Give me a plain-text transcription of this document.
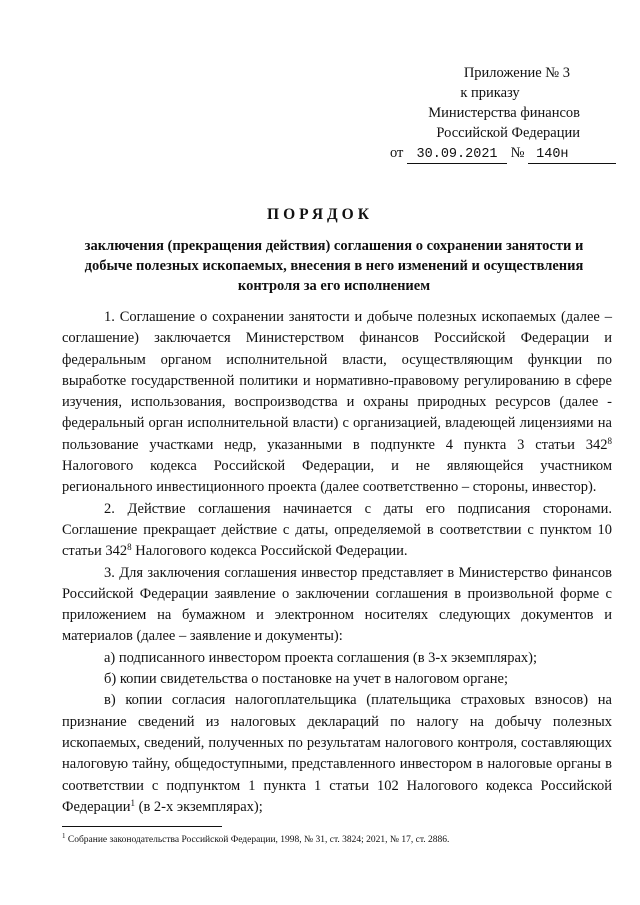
Приложение № 3
к приказу
Министерства финансов
Российской Федерации
от 30.09.2021 № 140н
ПОРЯДОК
заключения (прекращения действия) соглашения о сохранении занятости и добыче полезных ископаемых, внесения в него изменений и осуществления контроля за его исполнением

1. Соглашение о сохранении занятости и добыче полезных ископаемых (далее – соглашение) заключается Министерством финансов Российской Федерации и федеральным органом исполнительной власти, осуществляющим функции по выработке государственной политики и нормативно-правовому регулированию в сфере изучения, использования, воспроизводства и охраны природных ресурсов (далее - федеральный орган исполнительной власти) с организацией, владеющей лицензиями на пользование участками недр, указанными в подпункте 4 пункта 3 статьи $342^8$ Налогового кодекса Российской Федерации, и не являющейся участником регионального инвестиционного проекта (далее соответственно – стороны, инвестор).

2. Действие соглашения начинается с даты его подписания сторонами. Соглашение прекращает действие с даты, определяемой в соответствии с пунктом 10 статьи $342^8$ Налогового кодекса Российской Федерации.

3. Для заключения соглашения инвестор представляет в Министерство финансов Российской Федерации заявление о заключении соглашения в произвольной форме с приложением на бумажном и электронном носителях следующих документов и материалов (далее – заявление и документы):

а) подписанного инвестором проекта соглашения (в 3-х экземплярах);

б) копии свидетельства о постановке на учет в налоговом органе;

в) копии согласия налогоплательщика (плательщика страховых взносов) на признание сведений из налоговых деклараций по налогу на добычу полезных ископаемых, сведений, полученных по результатам налогового контроля, составляющих налоговую тайну, общедоступными, представленного инвестором в налоговые органы в соответствии с подпунктом 1 пункта 1 статьи 102 Налогового кодекса Российской Федерации$^1$ (в 2-х экземплярах);

$^1$ Собрание законодательства Российской Федерации, 1998, № 31, ст. 3824; 2021, № 17, ст. 2886.
